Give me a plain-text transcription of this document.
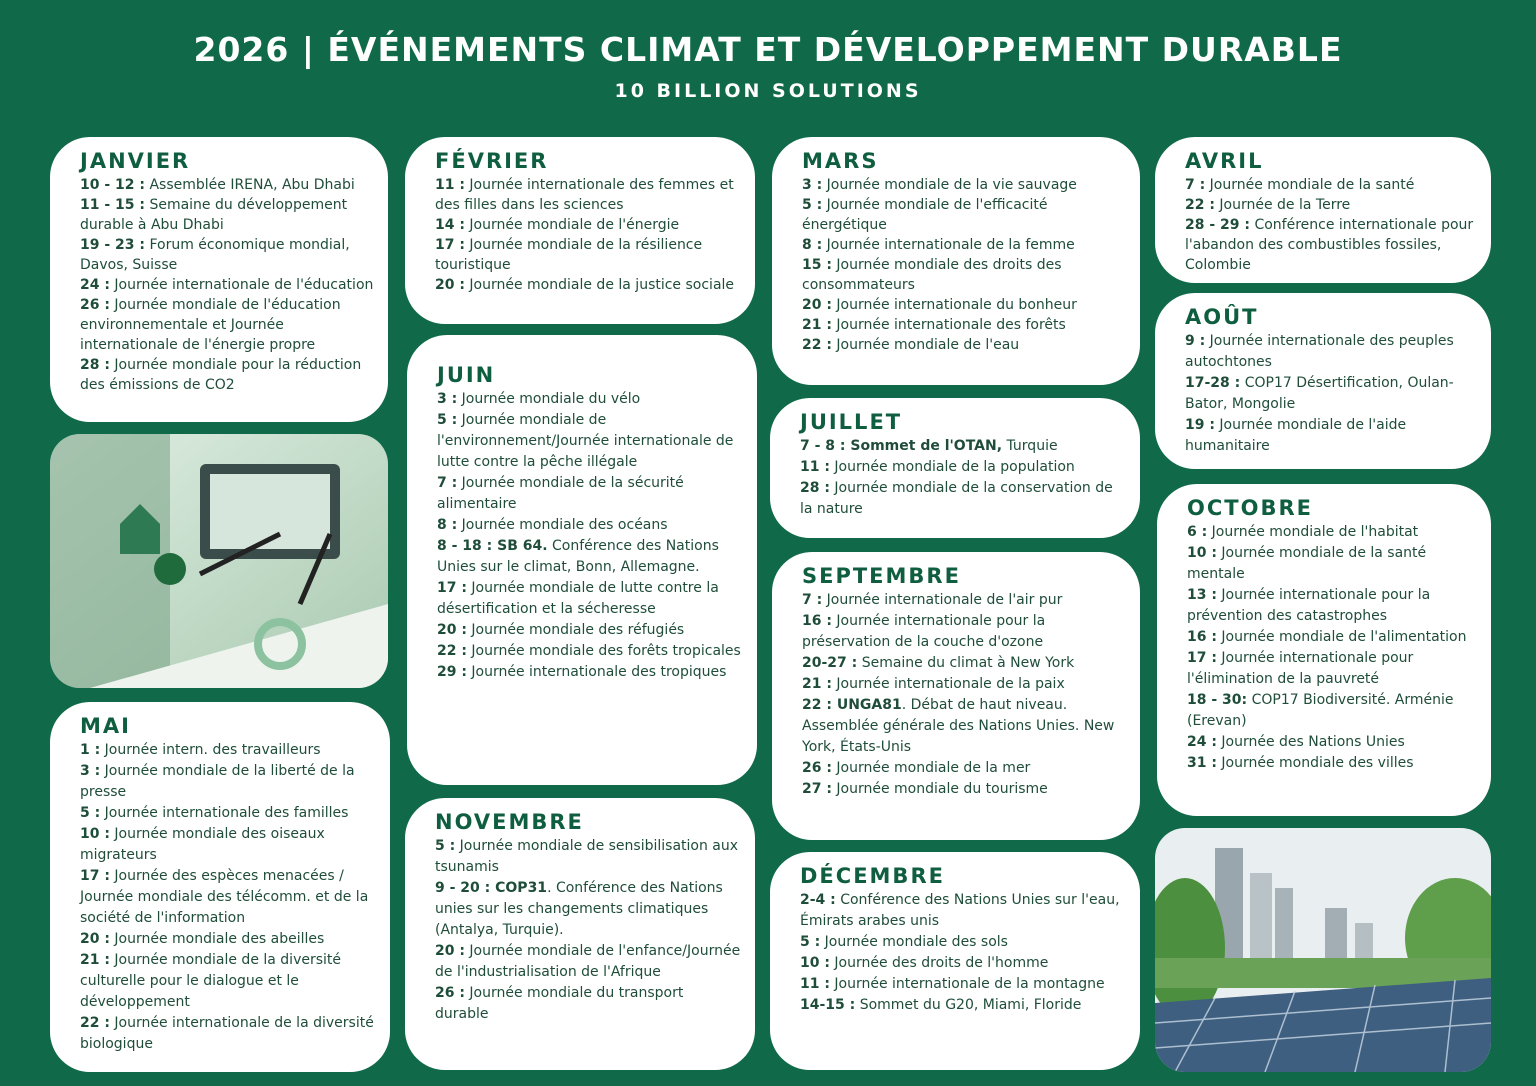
2026 | ÉVÉNEMENTS CLIMAT ET DÉVELOPPEMENT DURABLE
10 BILLION SOLUTIONS
JANVIER

10 - 12 : Assemblée IRENA, Abu Dhabi

11 - 15 : Semaine du développement durable à Abu Dhabi

19 - 23 : Forum économique mondial, Davos, Suisse

24 : Journée internationale de l'éducation

26 : Journée mondiale de l'éducation environnementale et Journée internationale de l'énergie propre

28 : Journée mondiale pour la réduction des émissions de CO2

MAI

1 : Journée intern. des travailleurs

3 : Journée mondiale de la liberté de la presse

5 : Journée internationale des familles

10 : Journée mondiale des oiseaux migrateurs

17 : Journée des espèces menacées / Journée mondiale des télécomm. et de la société de l'information

20 : Journée mondiale des abeilles

21 : Journée mondiale de la diversité culturelle pour le dialogue et le développement

22 : Journée internationale de la diversité biologique

FÉVRIER

11 : Journée internationale des femmes et des filles dans les sciences

14 : Journée mondiale de l'énergie

17 : Journée mondiale de la résilience touristique

20 : Journée mondiale de la justice sociale

JUIN

3 : Journée mondiale du vélo

5 : Journée mondiale de l'environnement/Journée internationale de lutte contre la pêche illégale

7 : Journée mondiale de la sécurité alimentaire

8 : Journée mondiale des océans

8 - 18 : SB 64. Conférence des Nations Unies sur le climat, Bonn, Allemagne.

17 : Journée mondiale de lutte contre la désertification et la sécheresse

20 : Journée mondiale des réfugiés

22 : Journée mondiale des forêts tropicales

29 : Journée internationale des tropiques

NOVEMBRE

5 : Journée mondiale de sensibilisation aux tsunamis

9 - 20 : COP31. Conférence des Nations unies sur les changements climatiques (Antalya, Turquie).

20 : Journée mondiale de l'enfance/Journée de l'industrialisation de l'Afrique

26 : Journée mondiale du transport durable

MARS

3 : Journée mondiale de la vie sauvage

5 : Journée mondiale de l'efficacité énergétique

8 : Journée internationale de la femme

15 : Journée mondiale des droits des consommateurs

20 : Journée internationale du bonheur

21 : Journée internationale des forêts

22 : Journée mondiale de l'eau

JUILLET

7 - 8 : Sommet de l'OTAN, Turquie

11 : Journée mondiale de la population

28 : Journée mondiale de la conservation de la nature

SEPTEMBRE

7 : Journée internationale de l'air pur

16 : Journée internationale pour la préservation de la couche d'ozone

20-27 : Semaine du climat à New York

21 : Journée internationale de la paix

22 : UNGA81. Débat de haut niveau. Assemblée générale des Nations Unies. New York, États-Unis

26 : Journée mondiale de la mer

27 : Journée mondiale du tourisme

DÉCEMBRE

2-4 : Conférence des Nations Unies sur l'eau, Émirats arabes unis

5 : Journée mondiale des sols

10 : Journée des droits de l'homme

11 : Journée internationale de la montagne

14-15 : Sommet du G20, Miami, Floride

AVRIL

7 : Journée mondiale de la santé

22 : Journée de la Terre

28 - 29 : Conférence internationale pour l'abandon des combustibles fossiles, Colombie

AOÛT

9 : Journée internationale des peuples autochtones

17-28 : COP17 Désertification, Oulan-Bator, Mongolie

19 : Journée mondiale de l'aide humanitaire

OCTOBRE

6 : Journée mondiale de l'habitat

10 : Journée mondiale de la santé mentale

13 : Journée internationale pour la prévention des catastrophes

16 : Journée mondiale de l'alimentation

17 : Journée internationale pour l'élimination de la pauvreté

18 - 30: COP17 Biodiversité. Arménie (Erevan)

24 : Journée des Nations Unies

31 : Journée mondiale des villes
